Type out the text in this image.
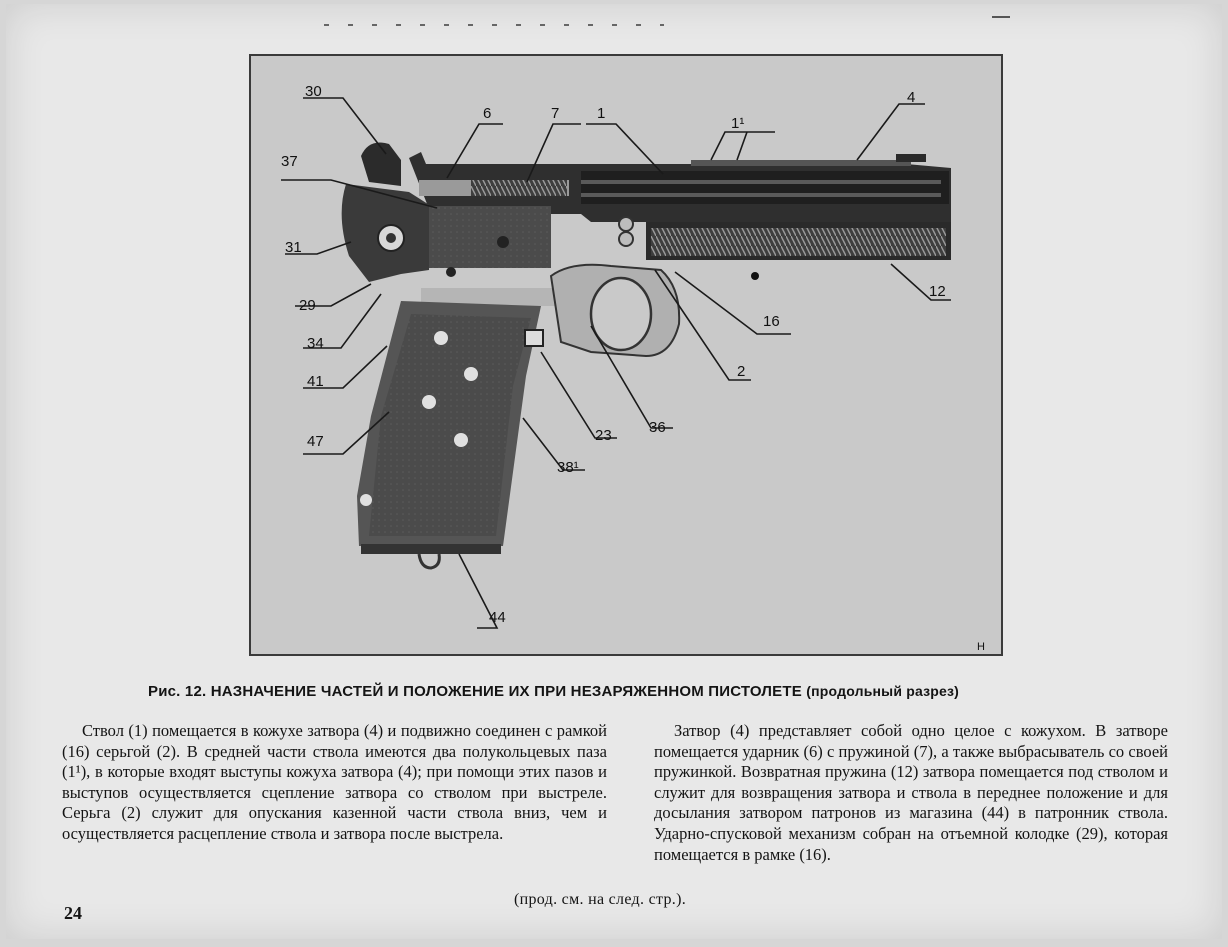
30
6	7	1
1¹
4
37
31
29
34
41
47
12
16
2
23 36
38¹
44
H
Рис. 12. НАЗНАЧЕНИЕ ЧАСТЕЙ И ПОЛОЖЕНИЕ ИХ ПРИ НЕЗАРЯЖЕННОМ ПИСТОЛЕТЕ (продольный разрез)

Ствол (1) помещается в кожухе затвора (4) и подвижно соединен с рамкой (16) серьгой (2). В средней части ствола имеются два полукольцевых паза (1¹), в которые входят выступы кожуха затвора (4); при помощи этих пазов и выступов осуществляется сцепление затвора со стволом при выстреле. Серьга (2) служит для опускания казенной части ствола вниз, чем и осуществляется расцепление ствола и затвора после выстрела.

Затвор (4) представляет собой одно целое с кожухом. В затворе помещается ударник (6) с пружиной (7), а также выбрасыватель со своей пружинкой. Возвратная пружина (12) затвора помещается под стволом и служит для возвращения затвора и ствола в переднее положение и для досылания затвором патронов из магазина (44) в патронник ствола. Ударно-спусковой механизм собран на отъемной колодке (29), которая помещается в рамке (16).

(прод. см. на след. стр.).
24
